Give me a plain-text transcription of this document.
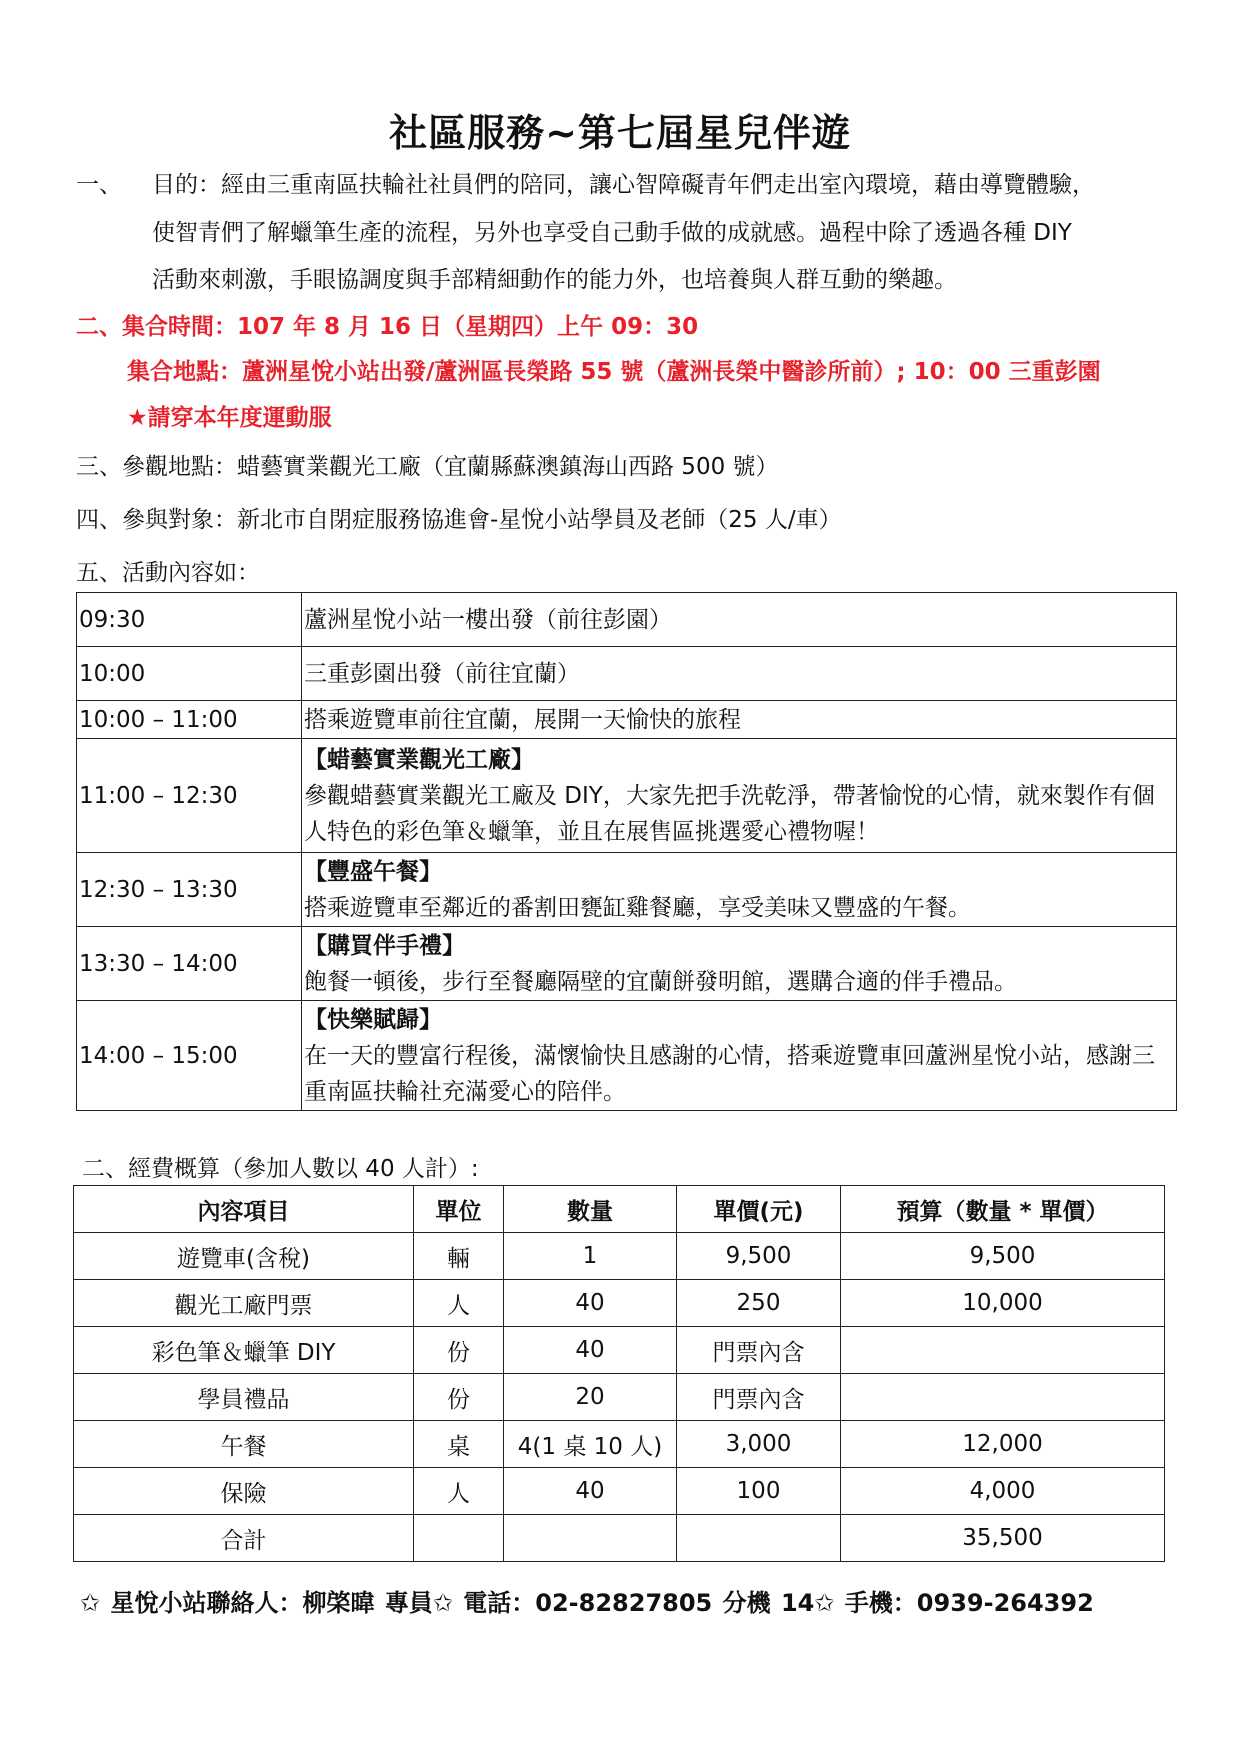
社區服務~第七屆星兒伴遊
一、 目的：經由三重南區扶輪社社員們的陪同，讓心智障礙青年們走出室內環境，藉由導覽體驗，
使智青們了解蠟筆生產的流程，另外也享受自己動手做的成就感。過程中除了透過各種 DIY
活動來刺激，手眼協調度與手部精細動作的能力外，也培養與人群互動的樂趣。
二、集合時間：107 年 8 月 16 日（星期四）上午 09：30
集合地點：蘆洲星悅小站出發/蘆洲區長榮路 55 號（蘆洲長榮中醫診所前）; 10：00 三重彭園
★請穿本年度運動服
三、參觀地點：蜡藝實業觀光工廠（宜蘭縣蘇澳鎮海山西路 500 號）
四、參與對象：新北市自閉症服務協進會-星悅小站學員及老師（25 人/車）
五、活動內容如：
09:30	蘆洲星悅小站一樓出發（前往彭園）

10:00	三重彭園出發（前往宜蘭）

10:00 – 11:00	搭乘遊覽車前往宜蘭，展開一天愉快的旅程

11:00 – 12:30	【蜡藝實業觀光工廠】
參觀蜡藝實業觀光工廠及 DIY，大家先把手洗乾淨，帶著愉悅的心情，就來製作有個人特色的彩色筆＆蠟筆，並且在展售區挑選愛心禮物喔！

12:30 – 13:30	【豐盛午餐】
搭乘遊覽車至鄰近的番割田甕缸雞餐廳，享受美味又豐盛的午餐。

13:30 – 14:00	【購買伴手禮】
飽餐一頓後，步行至餐廳隔壁的宜蘭餅發明館，選購合適的伴手禮品。

14:00 – 15:00	【快樂賦歸】
在一天的豐富行程後，滿懷愉快且感謝的心情，搭乘遊覽車回蘆洲星悅小站，感謝三重南區扶輪社充滿愛心的陪伴。
二、經費概算（參加人數以 40 人計）:
內容項目	單位	數量	單價(元)	預算（數量 * 單價）
遊覽車(含稅)	輛	1	9,500	9,500
觀光工廠門票	人	40	250	10,000
彩色筆＆蠟筆 DIY	份	40	門票內含	
學員禮品	份	20	門票內含	
午餐	桌	4(1 桌 10 人)	3,000	12,000
保險	人	40	100	4,000
合計				35,500
✩ 星悅小站聯絡人：柳棨暐 專員✩ 電話：02-82827805 分機 14✩ 手機：0939-264392
